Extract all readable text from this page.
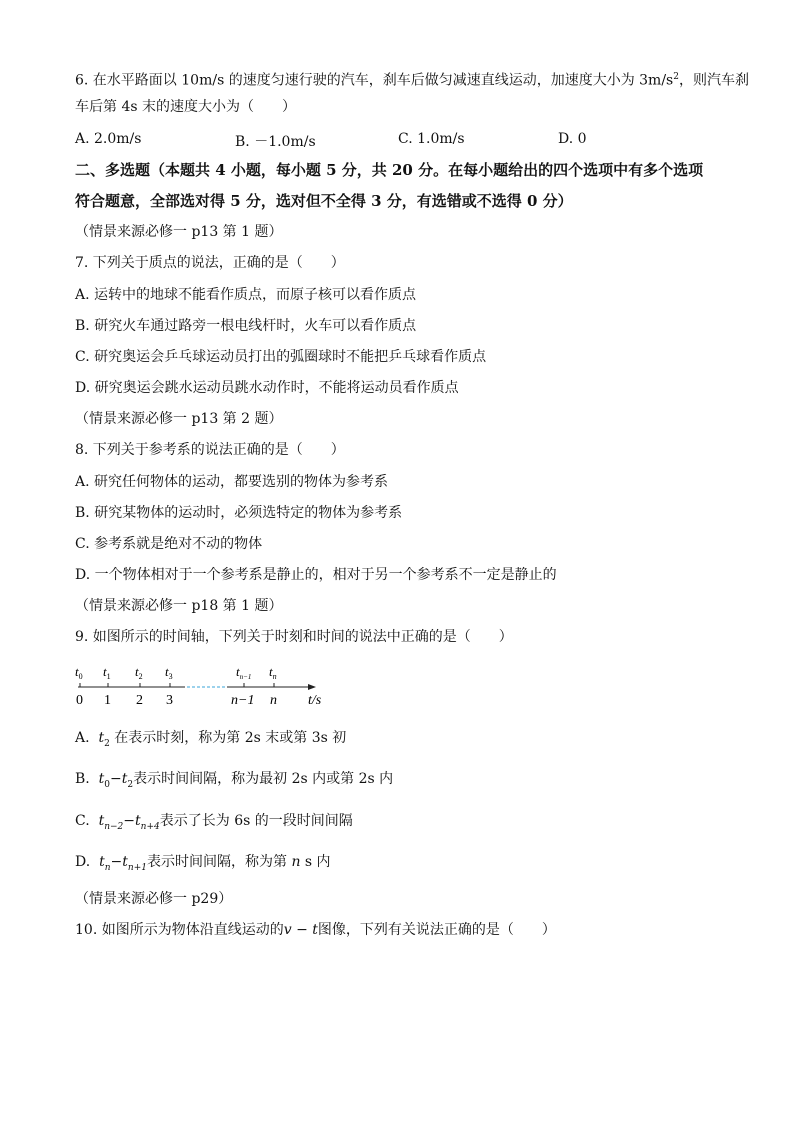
6. 在水平路面以 10m/s 的速度匀速行驶的汽车，刹车后做匀减速直线运动，加速度大小为 $3m/s^2$，则汽车刹
车后第 4s 末的速度大小为（　　）
A. 2.0m/s	B. －1.0m/s	C. 1.0m/s	D. 0
二、多选题（本题共 4 小题，每小题 5 分，共 20 分。在每小题给出的四个选项中有多个选项
符合题意，全部选对得 5 分，选对但不全得 3 分，有选错或不选得 0 分）
（情景来源必修一 p13 第 1 题）
7. 下列关于质点的说法，正确的是（　　）
A. 运转中的地球不能看作质点，而原子核可以看作质点
B. 研究火车通过路旁一根电线杆时，火车可以看作质点
C. 研究奥运会乒乓球运动员打出的弧圈球时不能把乒乓球看作质点
D. 研究奥运会跳水运动员跳水动作时，不能将运动员看作质点
（情景来源必修一 p13 第 2 题）
8. 下列关于参考系的说法正确的是（　　）
A. 研究任何物体的运动，都要选别的物体为参考系
B. 研究某物体的运动时，必须选特定的物体为参考系
C. 参考系就是绝对不动的物体
D. 一个物体相对于一个参考系是静止的，相对于另一个参考系不一定是静止的
（情景来源必修一 p18 第 1 题）
9. 如图所示的时间轴，下列关于时刻和时间的说法中正确的是（　　）
$t_0$ $t_1$ $t_2$ $t_3$	$t_{n-1}$ $t_n$
0 1 2 3	n−1 n t/s
A. $t_2$ 在表示时刻，称为第 2s 末或第 3s 初
B. $t_0-t_2$表示时间间隔，称为最初 2s 内或第 2s 内
C. $t_{n-2}-t_{n+4}$表示了长为 6s 的一段时间间隔
D. $t_n-t_{n+1}$表示时间间隔，称为第 n s 内
（情景来源必修一 p29）
10. 如图所示为物体沿直线运动的v − t图像，下列有关说法正确的是（　　）
